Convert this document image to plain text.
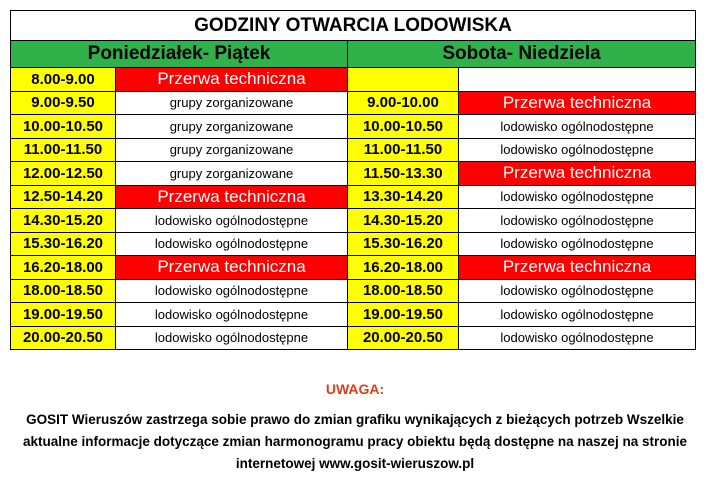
GODZINY OTWARCIA LODOWISKA			
Poniedziałek- Piątek		Sobota- Niedziela	
8.00-9.00	Przerwa techniczna		
9.00-9.50	grupy zorganizowane	9.00-10.00	Przerwa techniczna
10.00-10.50	grupy zorganizowane	10.00-10.50	lodowisko ogólnodostępne
11.00-11.50	grupy zorganizowane	11.00-11.50	lodowisko ogólnodostępne
12.00-12.50	grupy zorganizowane	11.50-13.30	Przerwa techniczna
12.50-14.20	Przerwa techniczna	13.30-14.20	lodowisko ogólnodostępne
14.30-15.20	lodowisko ogólnodostępne	14.30-15.20	lodowisko ogólnodostępne
15.30-16.20	lodowisko ogólnodostępne	15.30-16.20	lodowisko ogólnodostępne
16.20-18.00	Przerwa techniczna	16.20-18.00	Przerwa techniczna
18.00-18.50	lodowisko ogólnodostępne	18.00-18.50	lodowisko ogólnodostępne
19.00-19.50	lodowisko ogólnodostępne	19.00-19.50	lodowisko ogólnodostępne
20.00-20.50	lodowisko ogólnodostępne	20.00-20.50	lodowisko ogólnodostępne
UWAGA:
GOSIT Wieruszów zastrzega sobie prawo do zmian grafiku wynikających z bieżących potrzeb Wszelkie
aktualne informacje dotyczące zmian harmonogramu pracy obiektu będą dostępne na naszej na stronie
internetowej www.gosit-wieruszow.pl
